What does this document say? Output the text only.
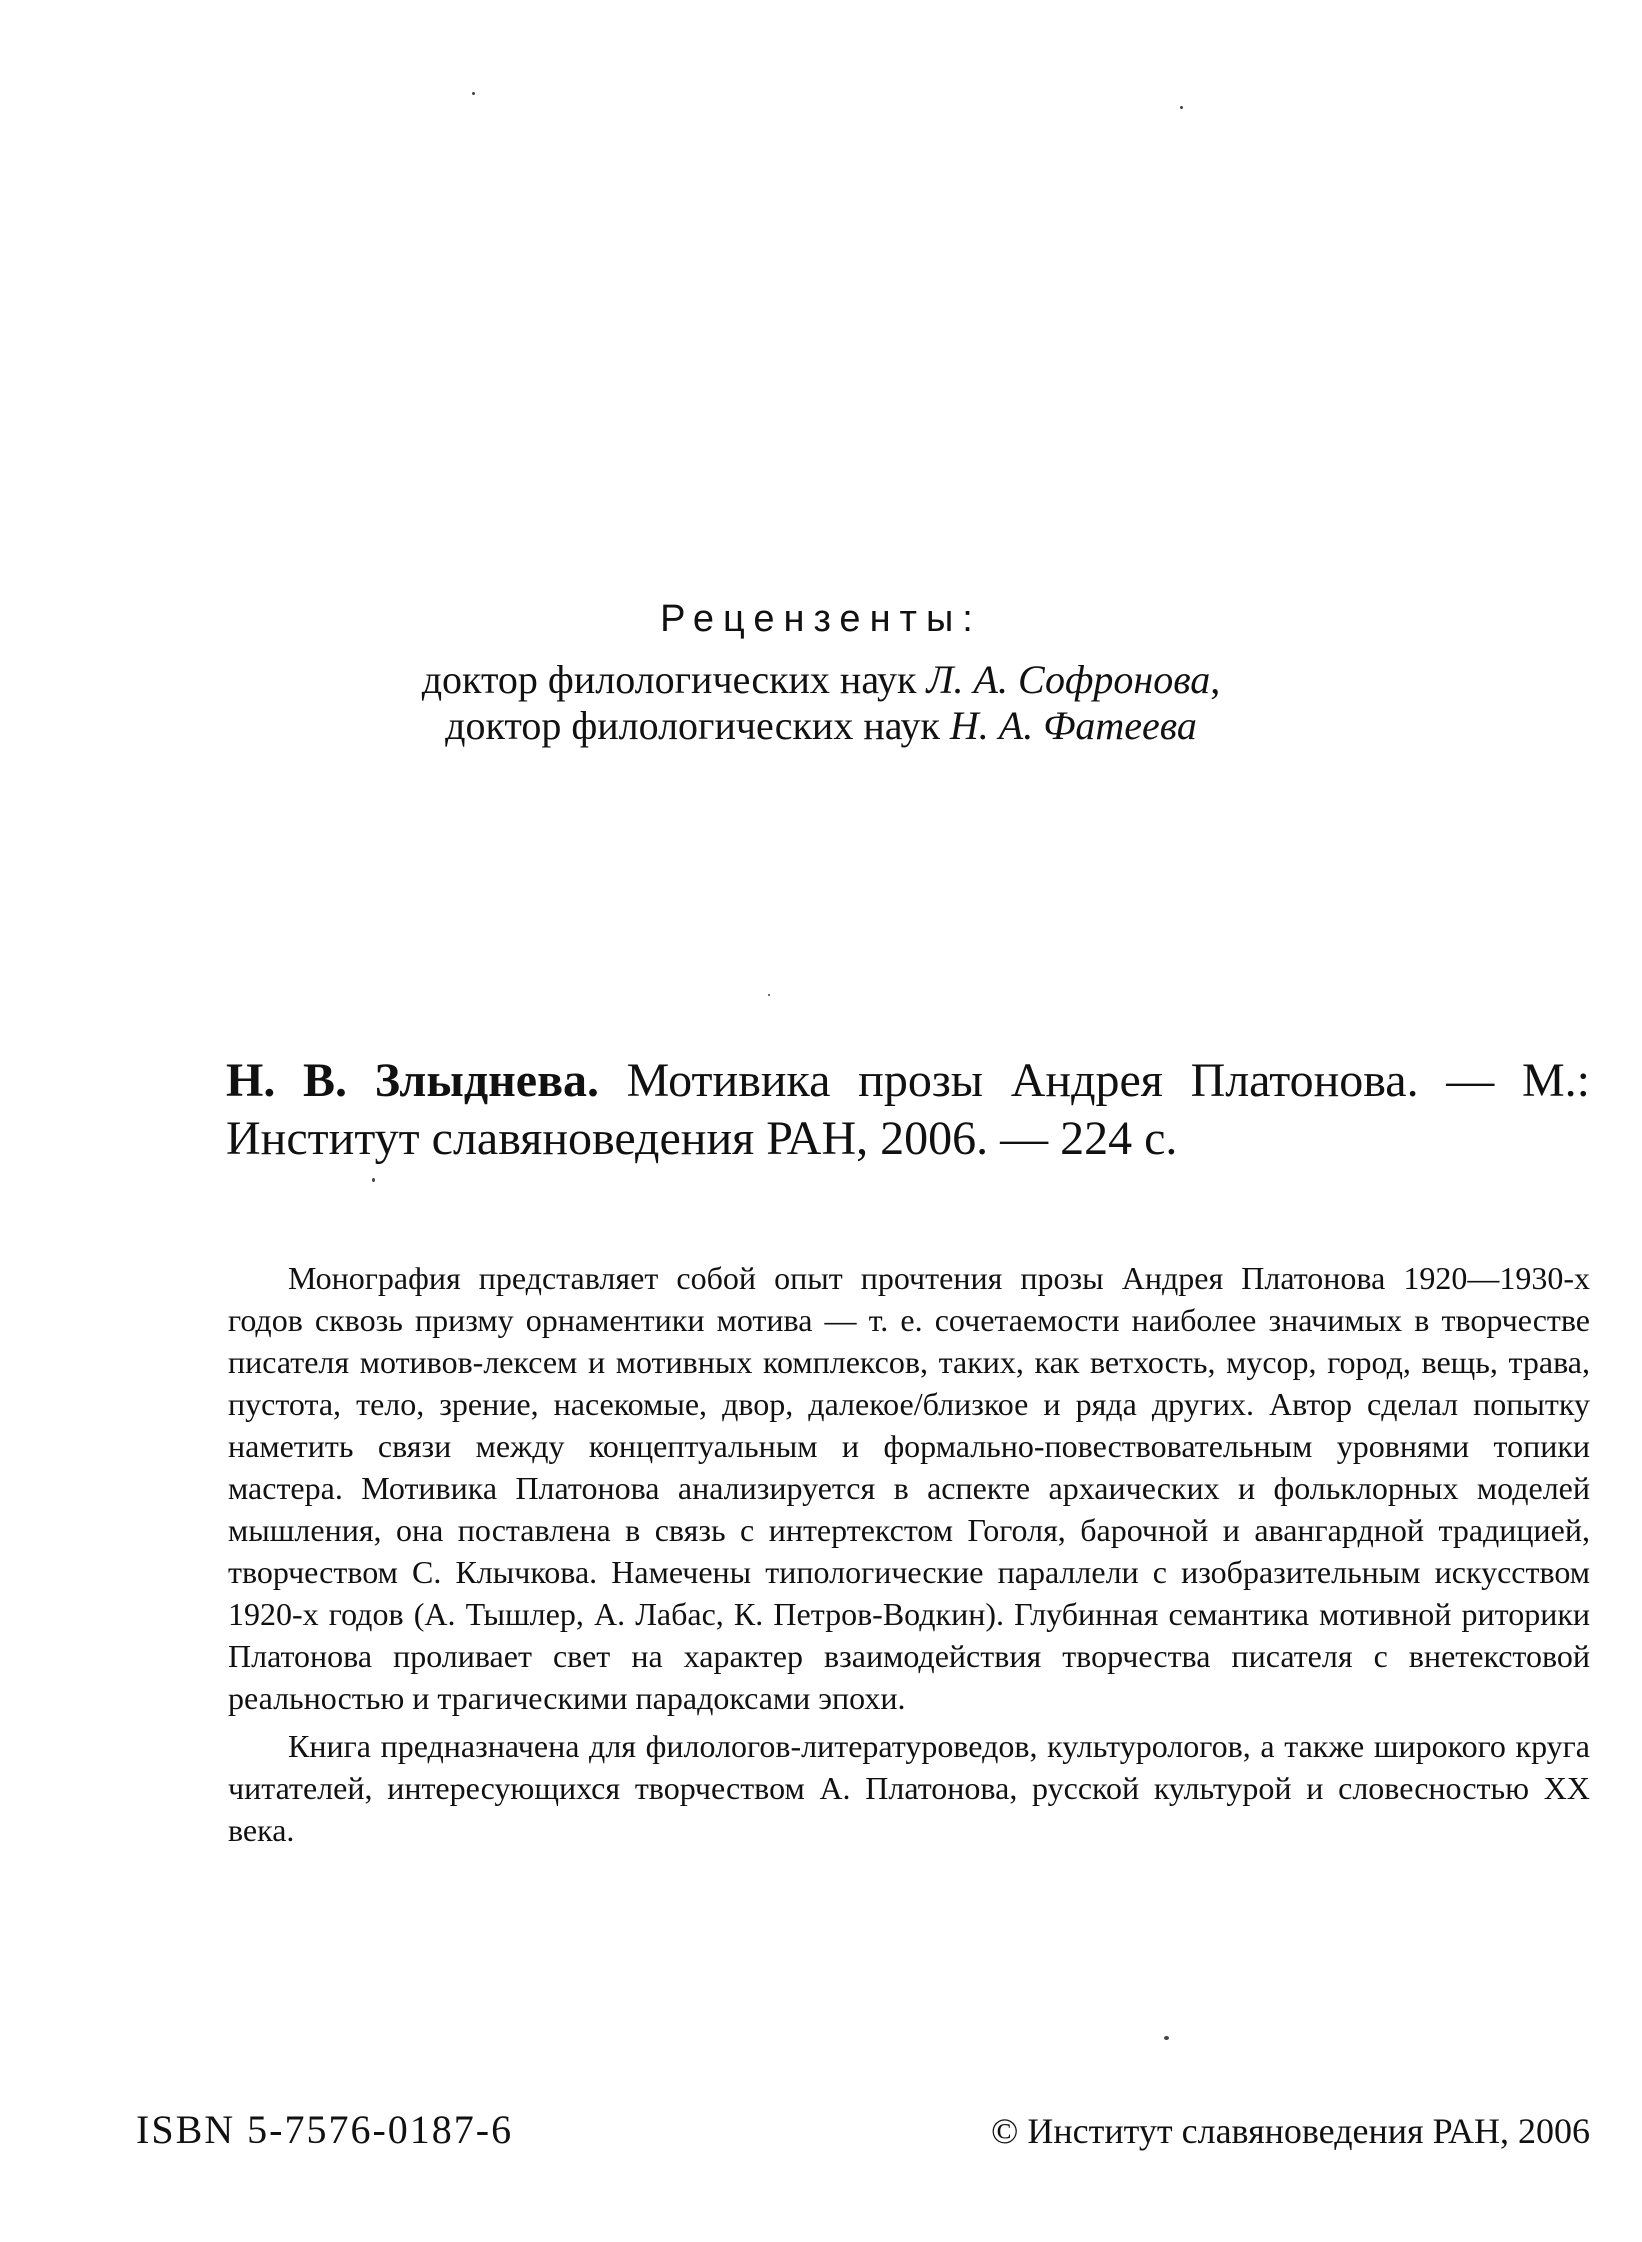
Рецензенты:
доктор филологических наук Л. А. Софронова,
доктор филологических наук Н. А. Фатеева
Н. В. Злыднева. Мотивика прозы Андрея Платонова. — М.: Институт славяноведения РАН, 2006. — 224 с.

Монография представляет собой опыт прочтения прозы Андрея Платонова 1920—1930-х годов сквозь призму орнаментики мотива — т. е. сочетаемости наиболее значимых в творчестве писателя мотивов-лексем и мотивных комплексов, таких, как ветхость, мусор, город, вещь, трава, пустота, тело, зрение, насекомые, двор, далекое/близкое и ряда других. Автор сделал попытку наметить связи между концептуальным и формально-повествовательным уровнями топики мастера. Мотивика Платонова анализируется в аспекте архаических и фольклорных моделей мышления, она поставлена в связь с интертекстом Гоголя, барочной и авангардной традицией, творчеством С. Клычкова. Намечены типологические параллели с изобразительным искусством 1920-х годов (А. Тышлер, А. Лабас, К. Петров-Водкин). Глубинная семантика мотивной риторики Платонова проливает свет на характер взаимодействия творчества писателя с внетекстовой реальностью и трагическими парадоксами эпохи.

Книга предназначена для филологов-литературоведов, культурологов, а также широкого круга читателей, интересующихся творчеством А. Платонова, русской культурой и словесностью XX века.

ISBN 5-7576-0187-6	© Институт славяноведения РАН, 2006
